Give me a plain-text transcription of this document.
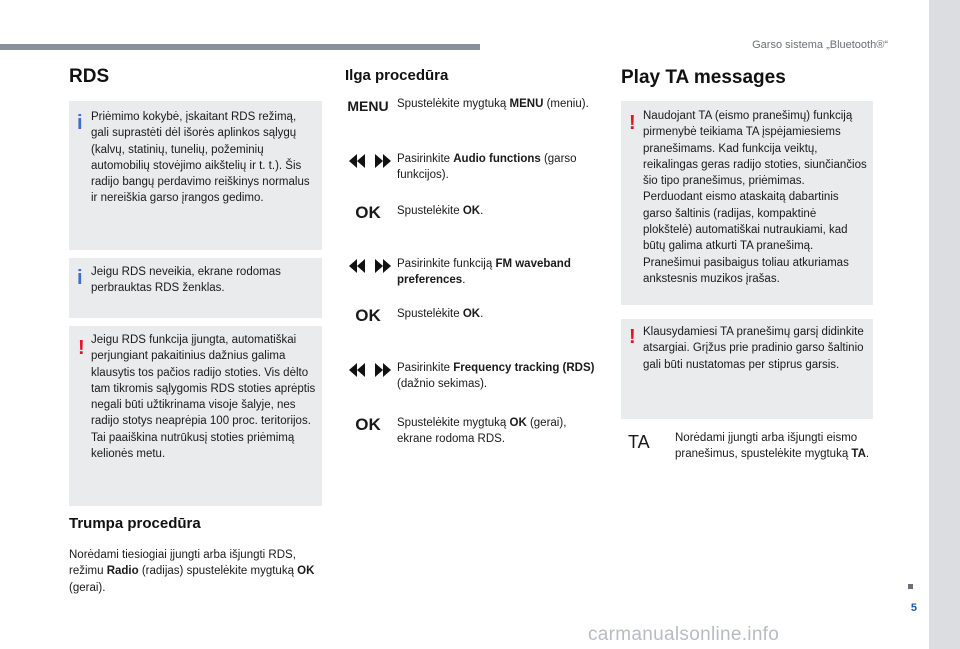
Garso sistema „Bluetooth®“
5
carmanualsonline.info
RDS
i Priėmimo kokybė, įskaitant RDS režimą, gali suprastėti dėl išorės aplinkos sąlygų (kalvų, statinių, tunelių, požeminių automobilių stovėjimo aikštelių ir t. t.). Šis radijo bangų perdavimo reiškinys normalus ir nereiškia garso įrangos gedimo.
i Jeigu RDS neveikia, ekrane rodomas perbrauktas RDS ženklas.
! Jeigu RDS funkcija įjungta, automatiškai perjungiant pakaitinius dažnius galima klausytis tos pačios radijo stoties. Vis dėlto tam tikromis sąlygomis RDS stoties aprėptis negali būti užtikrinama visoje šalyje, nes radijo stotys neaprėpia 100 proc. teritorijos. Tai paaiškina nutrūkusį stoties priėmimą kelionės metu.
Trumpa procedūra
Norėdami tiesiogiai įjungti arba išjungti RDS, režimu Radio (radijas) spustelėkite mygtuką OK (gerai).
Ilga procedūra
MENU Spustelėkite mygtuką MENU (meniu).
Pasirinkite Audio functions (garso funkcijos).
OK	Spustelėkite OK.
Pasirinkite funkciją FM waveband preferences.
OK	Spustelėkite OK.
Pasirinkite Frequency tracking (RDS) (dažnio sekimas).
OK	Spustelėkite mygtuką OK (gerai), ekrane rodoma RDS.
Play TA messages
! Naudojant TA (eismo pranešimų) funkciją pirmenybė teikiama TA įspėjamiesiems pranešimams. Kad funkcija veiktų, reikalingas geras radijo stoties, siunčiančios šio tipo pranešimus, priėmimas. Perduodant eismo ataskaitą dabartinis garso šaltinis (radijas, kompaktinė plokštelė) automatiškai nutraukiami, kad būtų galima atkurti TA pranešimą. Pranešimui pasibaigus toliau atkuriamas ankstesnis muzikos įrašas.
! Klausydamiesi TA pranešimų garsį didinkite atsargiai. Grįžus prie pradinio garso šaltinio gali būti nustatomas per stiprus garsis.
TA Norėdami įjungti arba išjungti eismo pranešimus, spustelėkite mygtuką TA.
